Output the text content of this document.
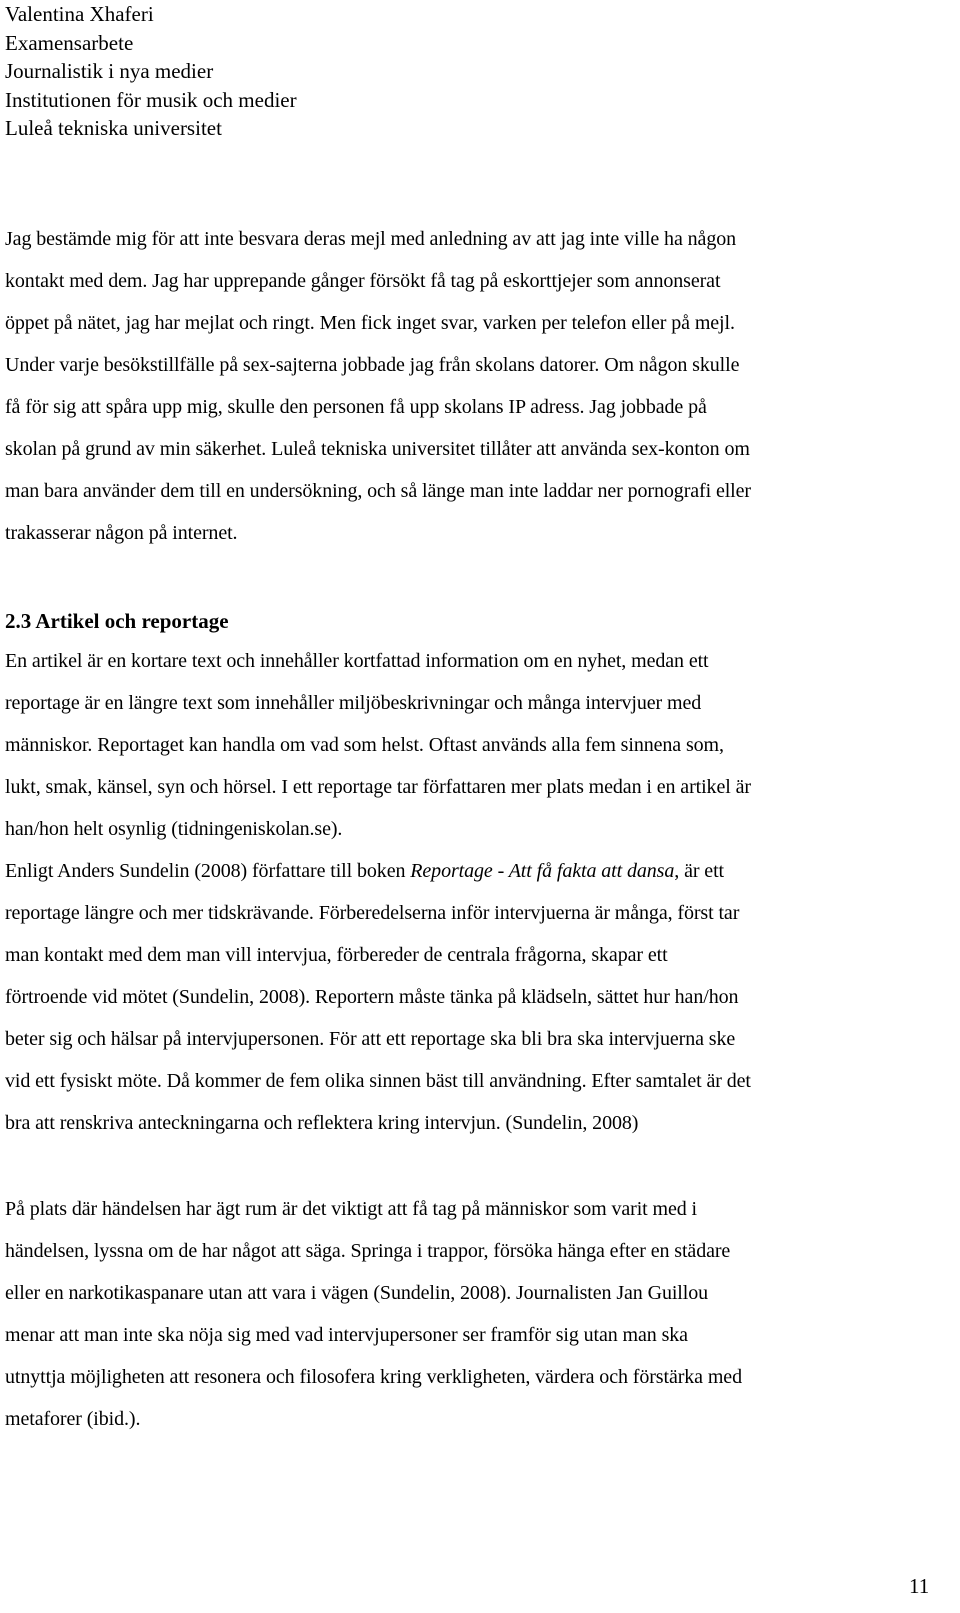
Valentina Xhaferi
Examensarbete
Journalistik i nya medier
Institutionen för musik och medier
Luleå tekniska universitet

Jag bestämde mig för att inte besvara deras mejl med anledning av att jag inte ville ha någon
kontakt med dem. Jag har upprepande gånger försökt få tag på eskorttjejer som annonserat
öppet på nätet, jag har mejlat och ringt. Men fick inget svar, varken per telefon eller på mejl.
Under varje besökstillfälle på sex-sajterna jobbade jag från skolans datorer. Om någon skulle
få för sig att spåra upp mig, skulle den personen få upp skolans IP adress. Jag jobbade på
skolan på grund av min säkerhet. Luleå tekniska universitet tillåter att använda sex-konton om
man bara använder dem till en undersökning, och så länge man inte laddar ner pornografi eller
trakasserar någon på internet.

2.3 Artikel och reportage

En artikel är en kortare text och innehåller kortfattad information om en nyhet, medan ett
reportage är en längre text som innehåller miljöbeskrivningar och många intervjuer med
människor. Reportaget kan handla om vad som helst. Oftast används alla fem sinnena som,
lukt, smak, känsel, syn och hörsel. I ett reportage tar författaren mer plats medan i en artikel är
han/hon helt osynlig (tidningeniskolan.se).

Enligt Anders Sundelin (2008) författare till boken Reportage - Att få fakta att dansa, är ett
reportage längre och mer tidskrävande. Förberedelserna inför intervjuerna är många, först tar
man kontakt med dem man vill intervjua, förbereder de centrala frågorna, skapar ett
förtroende vid mötet (Sundelin, 2008). Reportern måste tänka på klädseln, sättet hur han/hon
beter sig och hälsar på intervjupersonen. För att ett reportage ska bli bra ska intervjuerna ske
vid ett fysiskt möte. Då kommer de fem olika sinnen bäst till användning. Efter samtalet är det
bra att renskriva anteckningarna och reflektera kring intervjun. (Sundelin, 2008)

På plats där händelsen har ägt rum är det viktigt att få tag på människor som varit med i
händelsen, lyssna om de har något att säga. Springa i trappor, försöka hänga efter en städare
eller en narkotikaspanare utan att vara i vägen (Sundelin, 2008). Journalisten Jan Guillou
menar att man inte ska nöja sig med vad intervjupersoner ser framför sig utan man ska
utnyttja möjligheten att resonera och filosofera kring verkligheten, värdera och förstärka med
metaforer (ibid.).

11
